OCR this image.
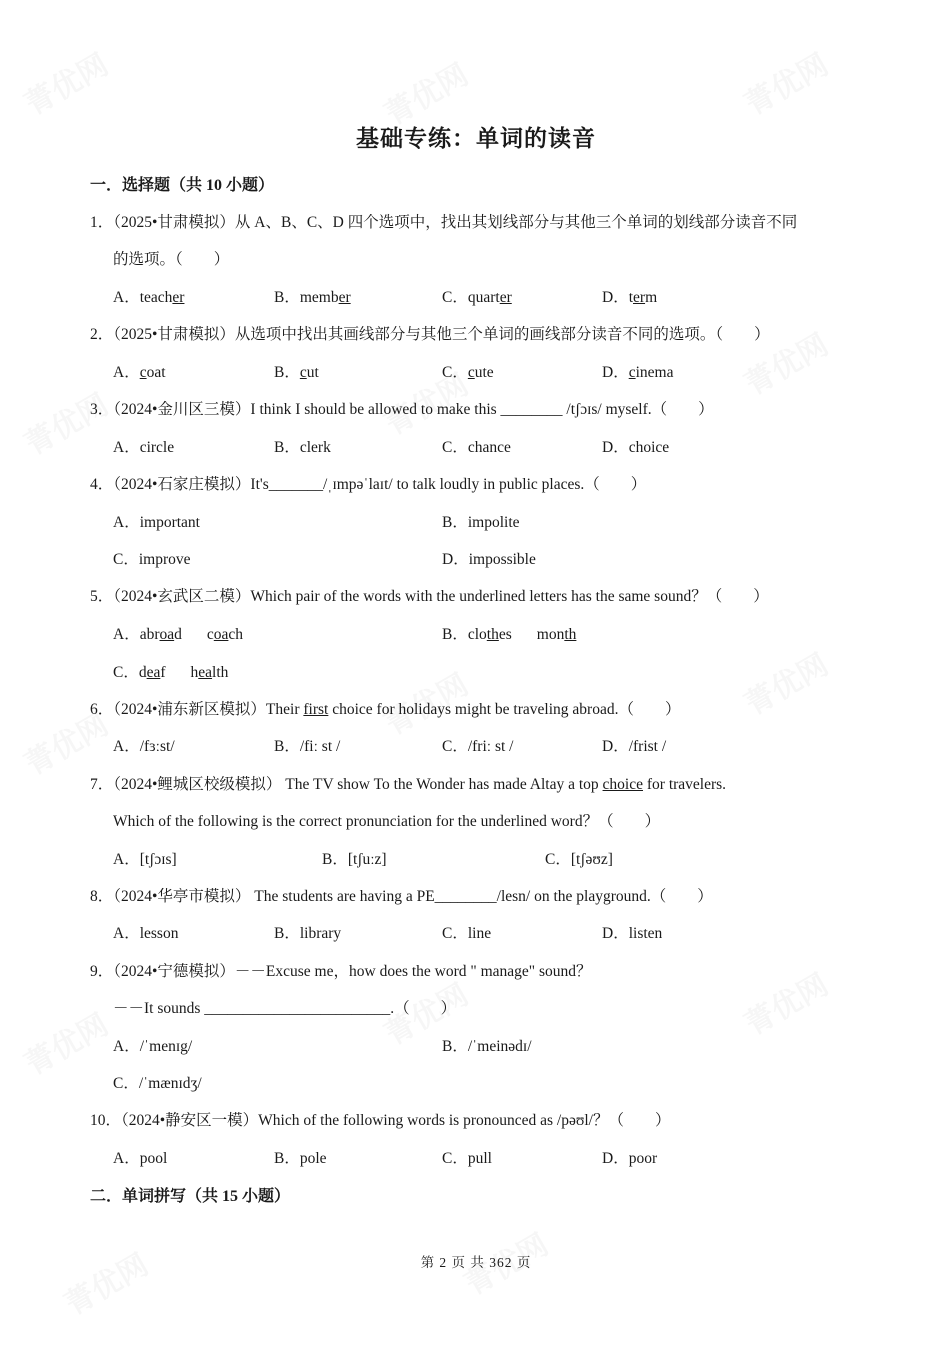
基础专练：单词的读音
一．选择题（共 10 小题）
1．（2025•甘肃模拟）从 A、B、C、D 四个选项中，找出其划线部分与其他三个单词的划线部分读音不同
的选项。（　　）
A．teacher	B．member	C．quarter	D．term
2．（2025•甘肃模拟）从选项中找出其画线部分与其他三个单词的画线部分读音不同的选项。（　　）
A．coat	B．cut	C．cute	D．cinema
3．（2024•金川区三模）I think I should be allowed to make this ________ /tʃɔɪs/ myself.（　　）
A．circle	B．clerk	C．chance	D．choice
4．（2024•石家庄模拟）It's_______/ˌɪmpəˈlaɪt/ to talk loudly in public places.（　　）
A．important	B．impolite
C．improve	D．impossible
5．（2024•玄武区二模）Which pair of the words with the underlined letters has the same sound？（　　）
A．abroad coach	B．clothes month
C．deaf health
6．（2024•浦东新区模拟）Their first choice for holidays might be traveling abroad.（　　）
A．/fɜːst/	B．/fiː st /	C．/friː st /	D．/frist /
7．（2024•鲤城区校级模拟） The TV show To the Wonder has made Altay a top choice for travelers.
Which of the following is the correct pronunciation for the underlined word？（　　）
A．[tʃɔɪs]	B．[tʃuːz]	C．[tʃəʊz]
8．（2024•华亭市模拟） The students are having a PE________/lesn/ on the playground.（　　）
A．lesson	B．library	C．line	D．listen
9．（2024•宁德模拟）－－Excuse me，how does the word " manage" sound？
－－It sounds ________________________.（　　）
A．/ˈmenɪg/	B．/ˈmeinədɪ/
C．/ˈmænɪdʒ/
10．（2024•静安区一模）Which of the following words is pronounced as /pəʊl/？（　　）
A．pool	B．pole	C．pull	D．poor
二．单词拼写（共 15 小题）
第 2 页 共 362 页
